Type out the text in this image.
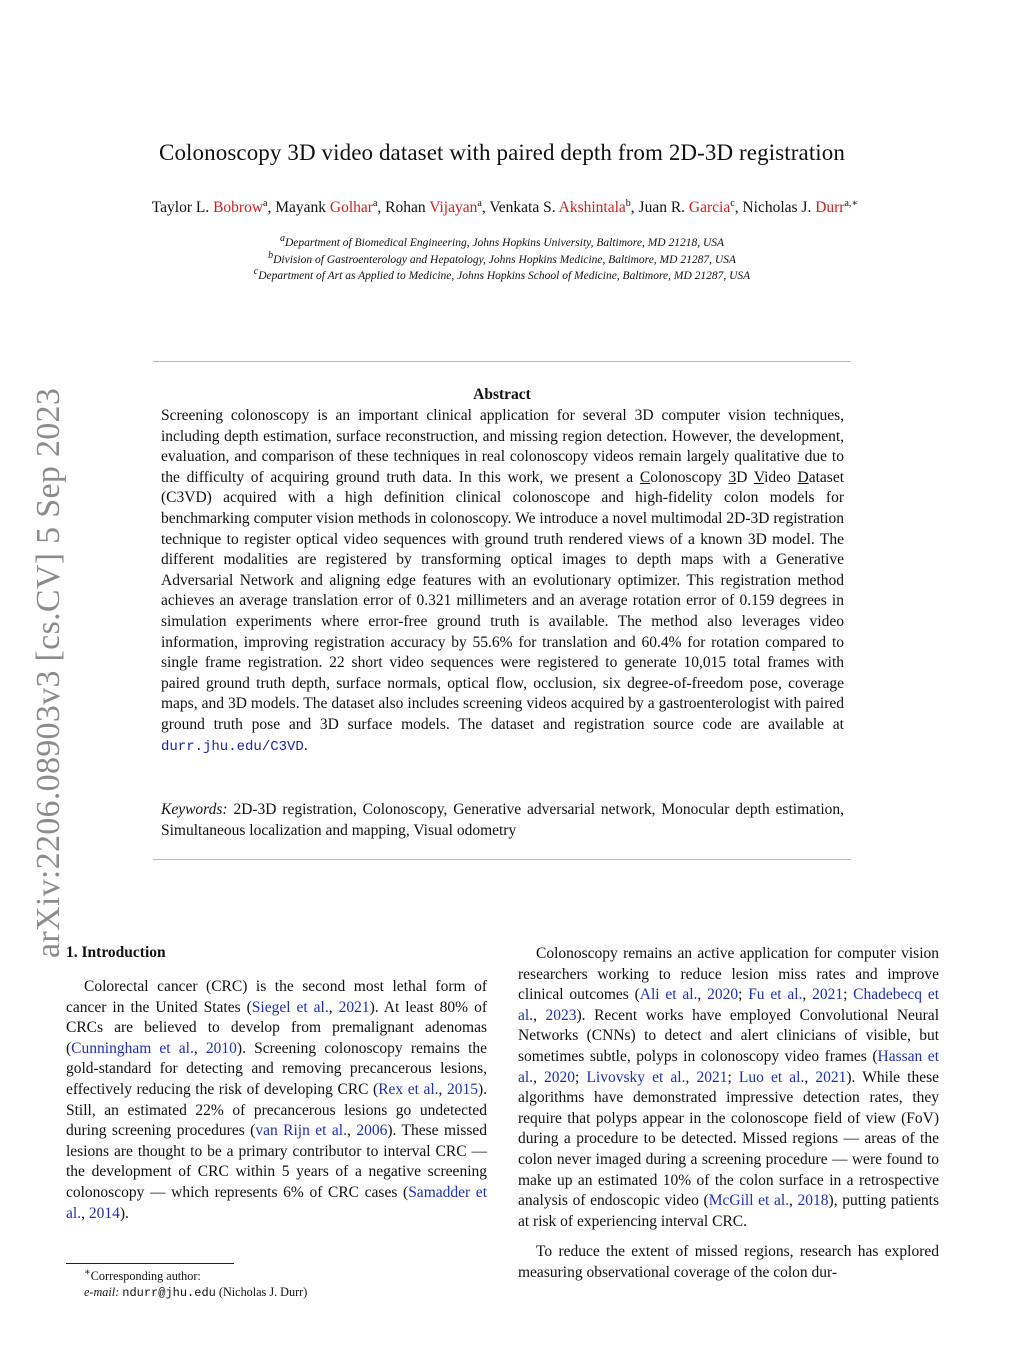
Colonoscopy 3D video dataset with paired depth from 2D-3D registration
Taylor L. Bobrow$^a$, Mayank Golhar$^a$, Rohan Vijayan$^a$, Venkata S. Akshintala$^b$, Juan R. Garcia$^c$, Nicholas J. Durr$^{a,∗}$
$^a$Department of Biomedical Engineering, Johns Hopkins University, Baltimore, MD 21218, USA
$^b$Division of Gastroenterology and Hepatology, Johns Hopkins Medicine, Baltimore, MD 21287, USA
$^c$Department of Art as Applied to Medicine, Johns Hopkins School of Medicine, Baltimore, MD 21287, USA
Abstract
Screening colonoscopy is an important clinical application for several 3D computer vision techniques, including depth estimation, surface reconstruction, and missing region detection. However, the development, evaluation, and comparison of these techniques in real colonoscopy videos remain largely qualitative due to the difficulty of acquiring ground truth data. In this work, we present a Colonoscopy 3D Video Dataset (C3VD) acquired with a high definition clinical colonoscope and high-fidelity colon models for benchmarking computer vision methods in colonoscopy. We introduce a novel multimodal 2D-3D registration technique to register optical video sequences with ground truth rendered views of a known 3D model. The different modalities are registered by transforming optical images to depth maps with a Generative Adversarial Network and aligning edge features with an evolutionary optimizer. This registration method achieves an average translation error of 0.321 millimeters and an average rotation error of 0.159 degrees in simulation experiments where error-free ground truth is available. The method also leverages video information, improving registration accuracy by 55.6% for translation and 60.4% for rotation compared to single frame registration. 22 short video sequences were registered to generate 10,015 total frames with paired ground truth depth, surface normals, optical flow, occlusion, six degree-of-freedom pose, coverage maps, and 3D models. The dataset also includes screening videos acquired by a gastroenterologist with paired ground truth pose and 3D surface models. The dataset and registration source code are available at durr.jhu.edu/C3VD.
Keywords: 2D-3D registration, Colonoscopy, Generative adversarial network, Monocular depth estimation, Simultaneous localization and mapping, Visual odometry
arXiv:2206.08903v3 [cs.CV] 5 Sep 2023 1. Introduction

Colorectal cancer (CRC) is the second most lethal form of cancer in the United States (Siegel et al., 2021). At least 80% of CRCs are believed to develop from premalignant adenomas (Cunningham et al., 2010). Screening colonoscopy remains the gold-standard for detecting and removing precancerous lesions, effectively reducing the risk of developing CRC (Rex et al., 2015). Still, an estimated 22% of precancerous lesions go undetected during screening procedures (van Rijn et al., 2006). These missed lesions are thought to be a primary contributor to interval CRC — the development of CRC within 5 years of a negative screening colonoscopy — which represents 6% of CRC cases (Samadder et al., 2014).

Colonoscopy remains an active application for computer vision researchers working to reduce lesion miss rates and improve clinical outcomes (Ali et al., 2020; Fu et al., 2021; Chadebecq et al., 2023). Recent works have employed Convolutional Neural Networks (CNNs) to detect and alert clinicians of visible, but sometimes subtle, polyps in colonoscopy video frames (Hassan et al., 2020; Livovsky et al., 2021; Luo et al., 2021). While these algorithms have demonstrated impressive detection rates, they require that polyps appear in the colonoscope field of view (FoV) during a procedure to be detected. Missed regions — areas of the colon never imaged during a screening procedure — were found to make up an estimated 10% of the colon surface in a retrospective analysis of endoscopic video (McGill et al., 2018), putting patients at risk of experiencing interval CRC.

To reduce the extent of missed regions, research has explored measuring observational coverage of the colon dur-

∗Corresponding author:
e-mail: ndurr@jhu.edu (Nicholas J. Durr)
